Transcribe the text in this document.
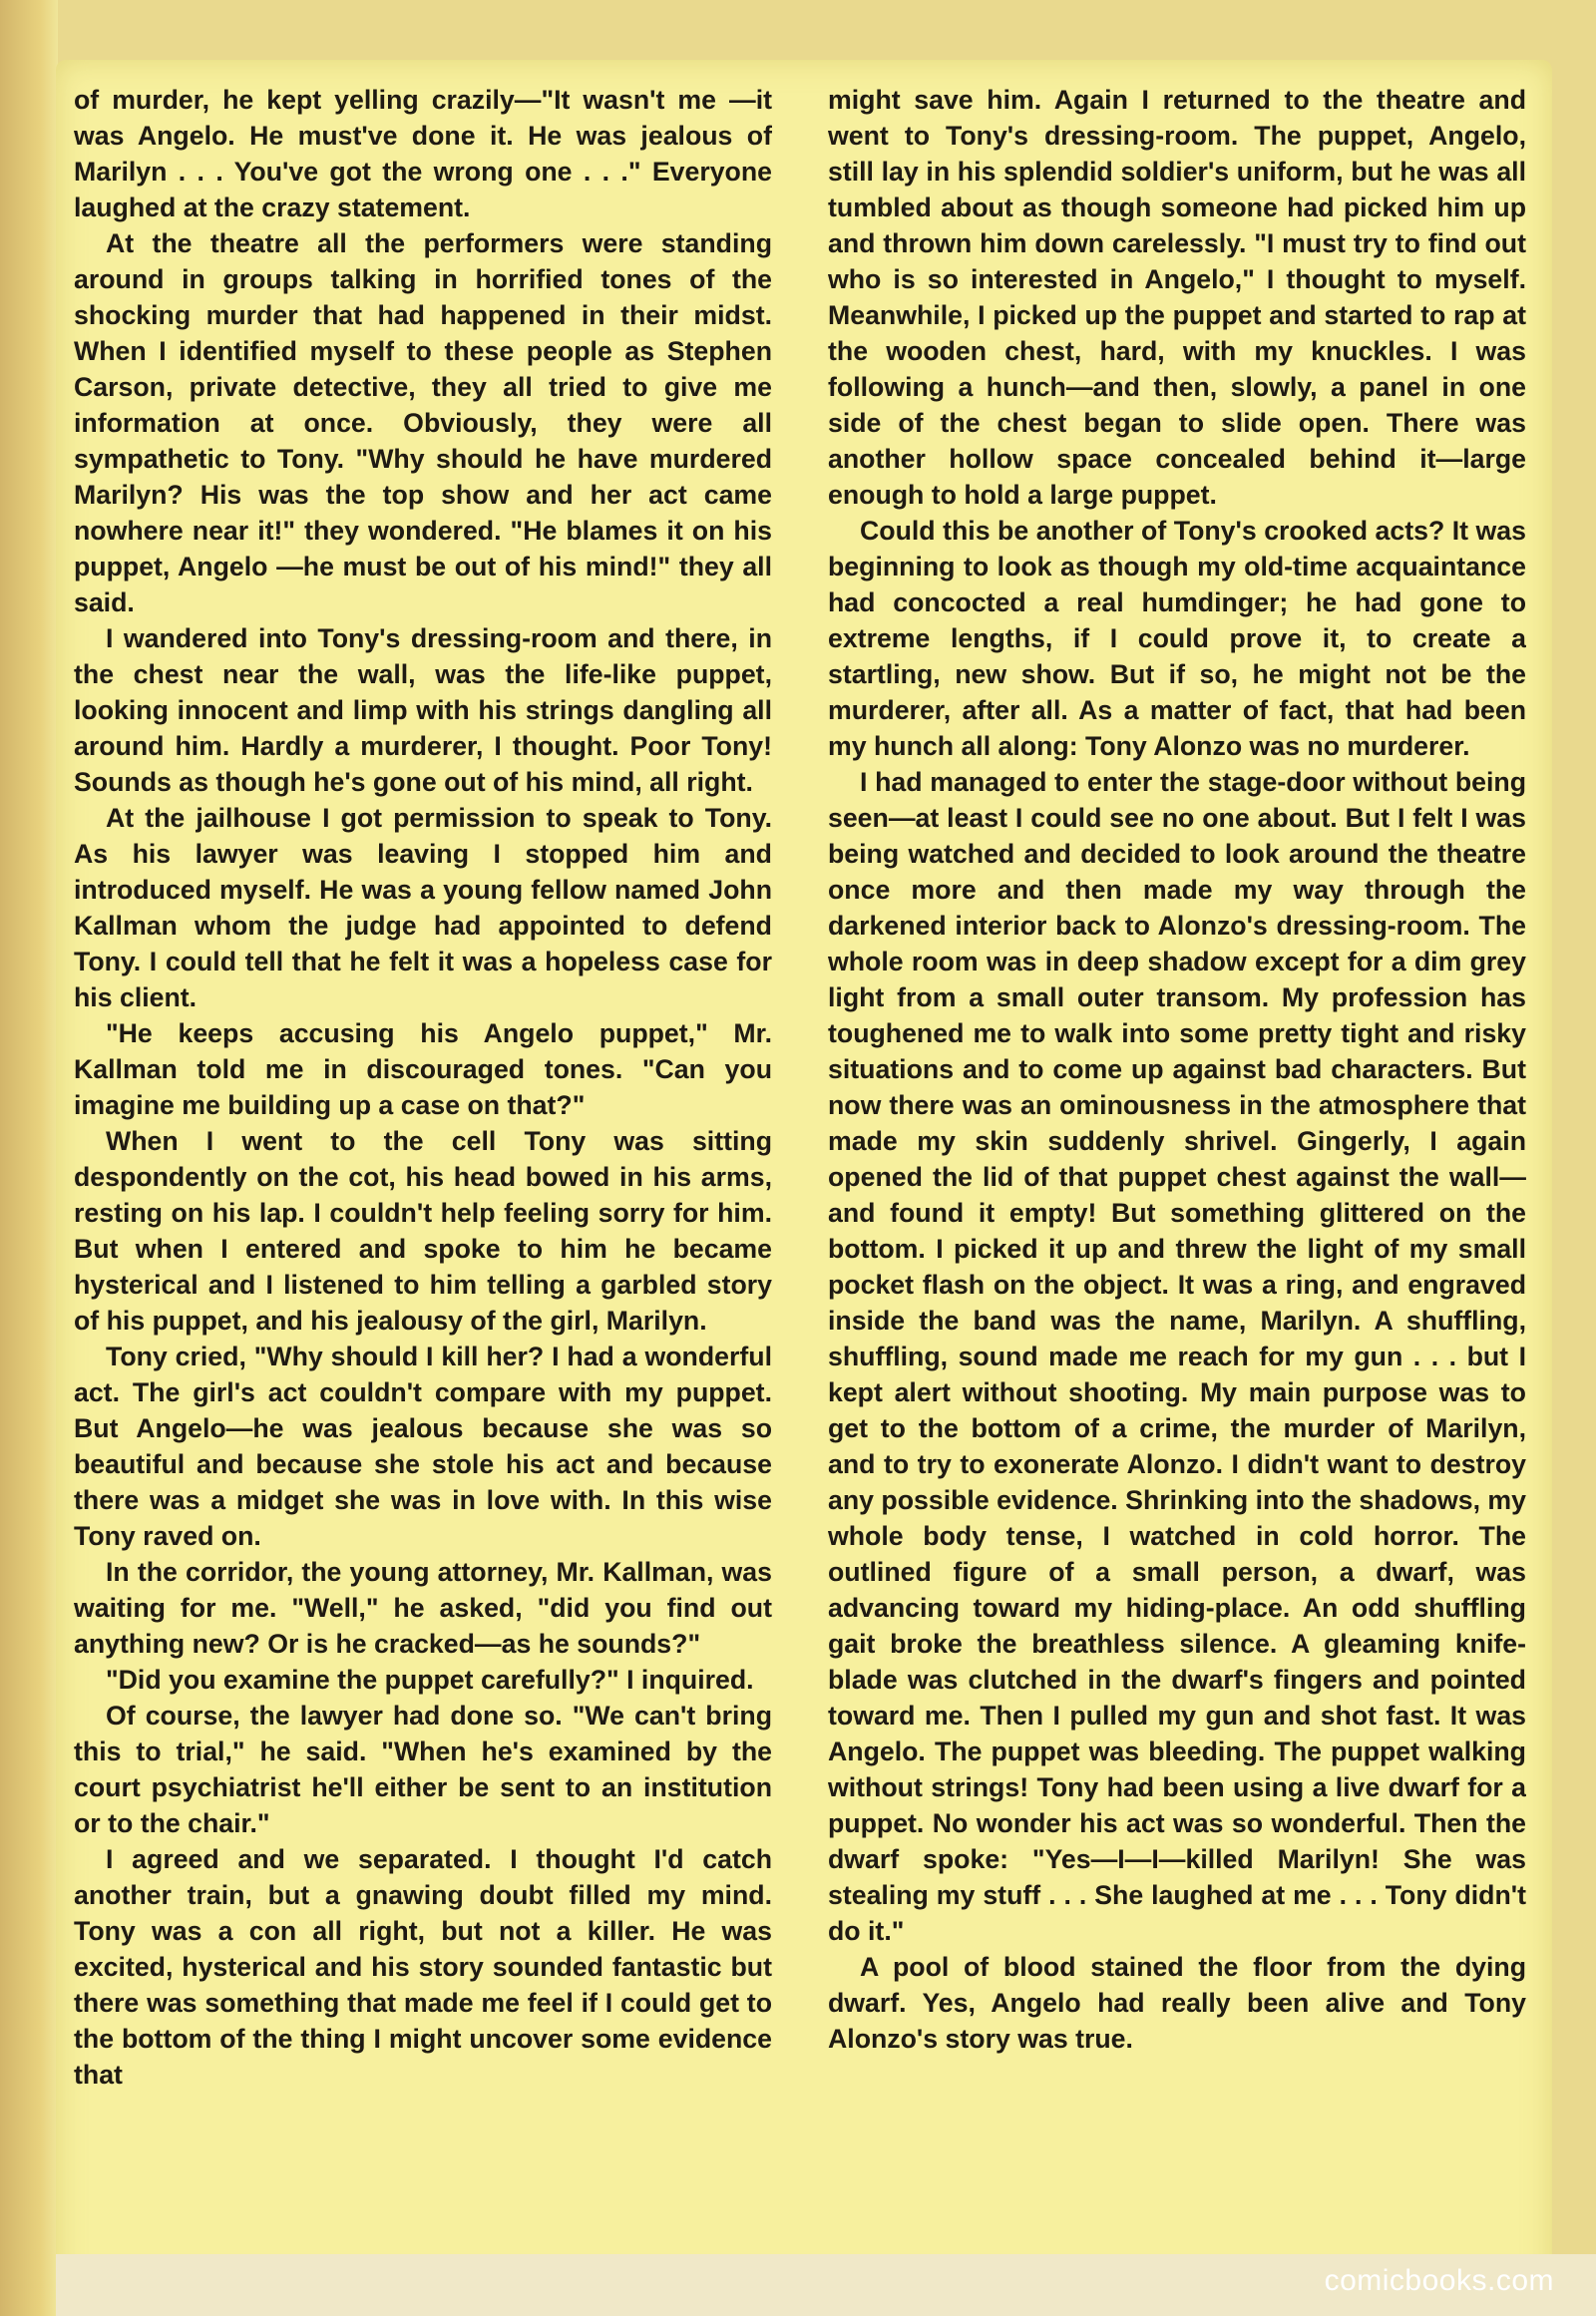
of murder, he kept yelling crazily—"It wasn't me —it was Angelo. He must've done it. He was jealous of Marilyn . . . You've got the wrong one . . ." Everyone laughed at the crazy statement.

At the theatre all the performers were standing around in groups talking in horrified tones of the shocking murder that had happened in their midst. When I identified myself to these people as Stephen Carson, private detective, they all tried to give me information at once. Obviously, they were all sympathetic to Tony. "Why should he have murdered Marilyn? His was the top show and her act came nowhere near it!" they wondered. "He blames it on his puppet, Angelo —he must be out of his mind!" they all said.

I wandered into Tony's dressing-room and there, in the chest near the wall, was the life-like puppet, looking innocent and limp with his strings dangling all around him. Hardly a murderer, I thought. Poor Tony! Sounds as though he's gone out of his mind, all right.

At the jailhouse I got permission to speak to Tony. As his lawyer was leaving I stopped him and introduced myself. He was a young fellow named John Kallman whom the judge had appointed to defend Tony. I could tell that he felt it was a hopeless case for his client.

"He keeps accusing his Angelo puppet," Mr. Kallman told me in discouraged tones. "Can you imagine me building up a case on that?"

When I went to the cell Tony was sitting despondently on the cot, his head bowed in his arms, resting on his lap. I couldn't help feeling sorry for him. But when I entered and spoke to him he became hysterical and I listened to him telling a garbled story of his puppet, and his jealousy of the girl, Marilyn.

Tony cried, "Why should I kill her? I had a wonderful act. The girl's act couldn't compare with my puppet. But Angelo—he was jealous because she was so beautiful and because she stole his act and because there was a midget she was in love with. In this wise Tony raved on.

In the corridor, the young attorney, Mr. Kallman, was waiting for me. "Well," he asked, "did you find out anything new? Or is he cracked—as he sounds?"

"Did you examine the puppet carefully?" I inquired.

Of course, the lawyer had done so. "We can't bring this to trial," he said. "When he's examined by the court psychiatrist he'll either be sent to an institution or to the chair."

I agreed and we separated. I thought I'd catch another train, but a gnawing doubt filled my mind. Tony was a con all right, but not a killer. He was excited, hysterical and his story sounded fantastic but there was something that made me feel if I could get to the bottom of the thing I might uncover some evidence that

might save him. Again I returned to the theatre and went to Tony's dressing-room. The puppet, Angelo, still lay in his splendid soldier's uniform, but he was all tumbled about as though someone had picked him up and thrown him down carelessly. "I must try to find out who is so interested in Angelo," I thought to myself. Meanwhile, I picked up the puppet and started to rap at the wooden chest, hard, with my knuckles. I was following a hunch—and then, slowly, a panel in one side of the chest began to slide open. There was another hollow space concealed behind it—large enough to hold a large puppet.

Could this be another of Tony's crooked acts? It was beginning to look as though my old-time acquaintance had concocted a real humdinger; he had gone to extreme lengths, if I could prove it, to create a startling, new show. But if so, he might not be the murderer, after all. As a matter of fact, that had been my hunch all along: Tony Alonzo was no murderer.

I had managed to enter the stage-door without being seen—at least I could see no one about. But I felt I was being watched and decided to look around the theatre once more and then made my way through the darkened interior back to Alonzo's dressing-room. The whole room was in deep shadow except for a dim grey light from a small outer transom. My profession has toughened me to walk into some pretty tight and risky situations and to come up against bad characters. But now there was an ominousness in the atmosphere that made my skin suddenly shrivel. Gingerly, I again opened the lid of that puppet chest against the wall—and found it empty! But something glittered on the bottom. I picked it up and threw the light of my small pocket flash on the object. It was a ring, and engraved inside the band was the name, Marilyn. A shuffling, shuffling, sound made me reach for my gun . . . but I kept alert without shooting. My main purpose was to get to the bottom of a crime, the murder of Marilyn, and to try to exonerate Alonzo. I didn't want to destroy any possible evidence. Shrinking into the shadows, my whole body tense, I watched in cold horror. The outlined figure of a small person, a dwarf, was advancing toward my hiding-place. An odd shuffling gait broke the breathless silence. A gleaming knife-blade was clutched in the dwarf's fingers and pointed toward me. Then I pulled my gun and shot fast. It was Angelo. The puppet was bleeding. The puppet walking without strings! Tony had been using a live dwarf for a puppet. No wonder his act was so wonderful. Then the dwarf spoke: "Yes—I—I—killed Marilyn! She was stealing my stuff . . . She laughed at me . . . Tony didn't do it."

A pool of blood stained the floor from the dying dwarf. Yes, Angelo had really been alive and Tony Alonzo's story was true.

comicbooks.com
